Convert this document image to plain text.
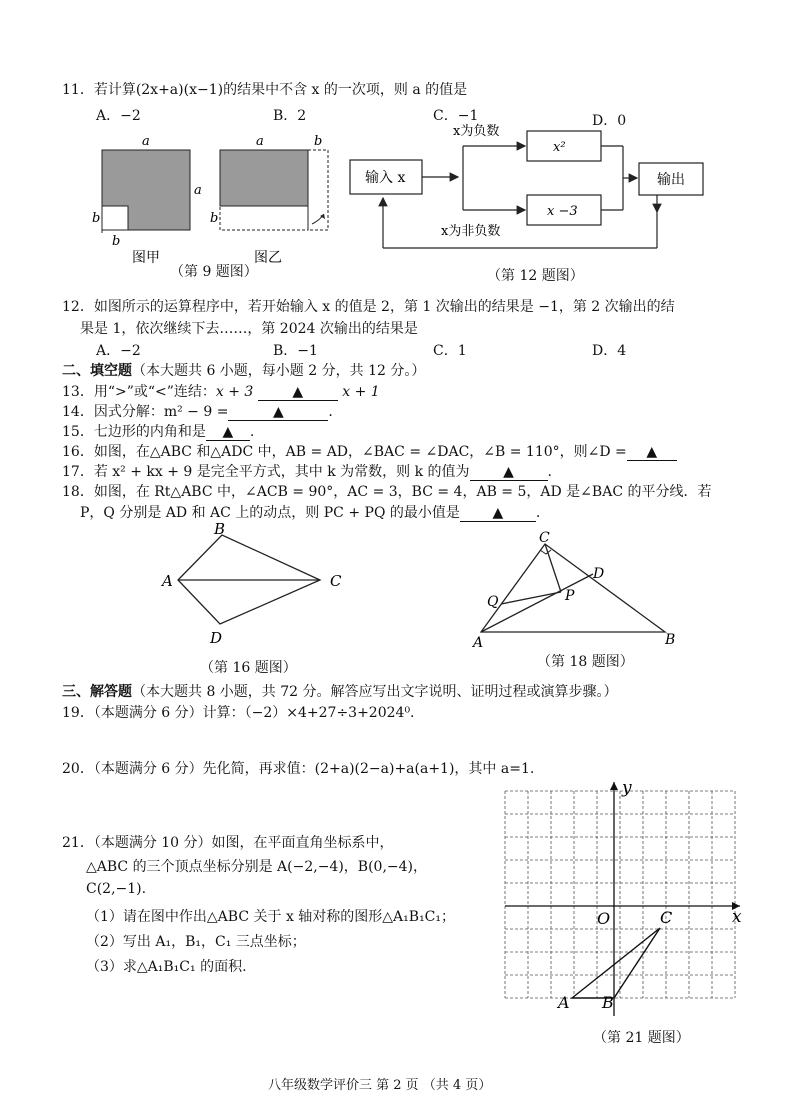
11．若计算(2x+a)(x−1)的结果中不含 x 的一次项，则 a 的值是
A．−2	B．2	C．−1	D．0
a
a
b
b
图甲
a	b
b
图乙
（第 9 题图）
输入 x
x²
x −3
输出
x为负数
x为非负数
（第 12 题图）
12．如图所示的运算程序中，若开始输入 x 的值是 2，第 1 次输出的结果是 −1，第 2 次输出的结
果是 1，依次继续下去……，第 2024 次输出的结果是
A．−2	B．−1	C．1	D．4
二、填空题（本大题共 6 小题，每小题 2 分，共 12 分。）
13．用“>”或“<”连结：x + 3	▲	x + 1
14．因式分解：m² − 9 =	▲	.
15．七边形的内角和是 ▲ .
16．如图，在△ABC 和△ADC 中，AB = AD，∠BAC = ∠DAC，∠B = 110°，则∠D = ▲
17．若 x² + kx + 9 是完全平方式，其中 k 为常数，则 k 的值为 ▲ .
18．如图，在 Rt△ABC 中，∠ACB = 90°，AC = 3，BC = 4，AB = 5，AD 是∠BAC 的平分线．若
P，Q 分别是 AD 和 AC 上的动点，则 PC + PQ 的最小值是 ▲ .
A
B
C
D
（第 16 题图）
C
D
Q	P
A	B
（第 18 题图）
三、解答题（本大题共 8 小题，共 72 分。解答应写出文字说明、证明过程或演算步骤。）
19．（本题满分 6 分）计算：（−2）×4+27÷3+2024⁰.
20．（本题满分 6 分）先化简，再求值：(2+a)(2−a)+a(a+1)，其中 a=1.
21．（本题满分 10 分）如图，在平面直角坐标系中，
△ABC 的三个顶点坐标分别是 A(−2,−4)，B(0,−4)，
C(2,−1).
（1）请在图中作出△ABC 关于 x 轴对称的图形△A₁B₁C₁；
（2）写出 A₁，B₁，C₁ 三点坐标；
（3）求△A₁B₁C₁ 的面积.
y
x
O
A B
C
（第 21 题图）
八年级数学评价三 第 2 页 （共 4 页）
